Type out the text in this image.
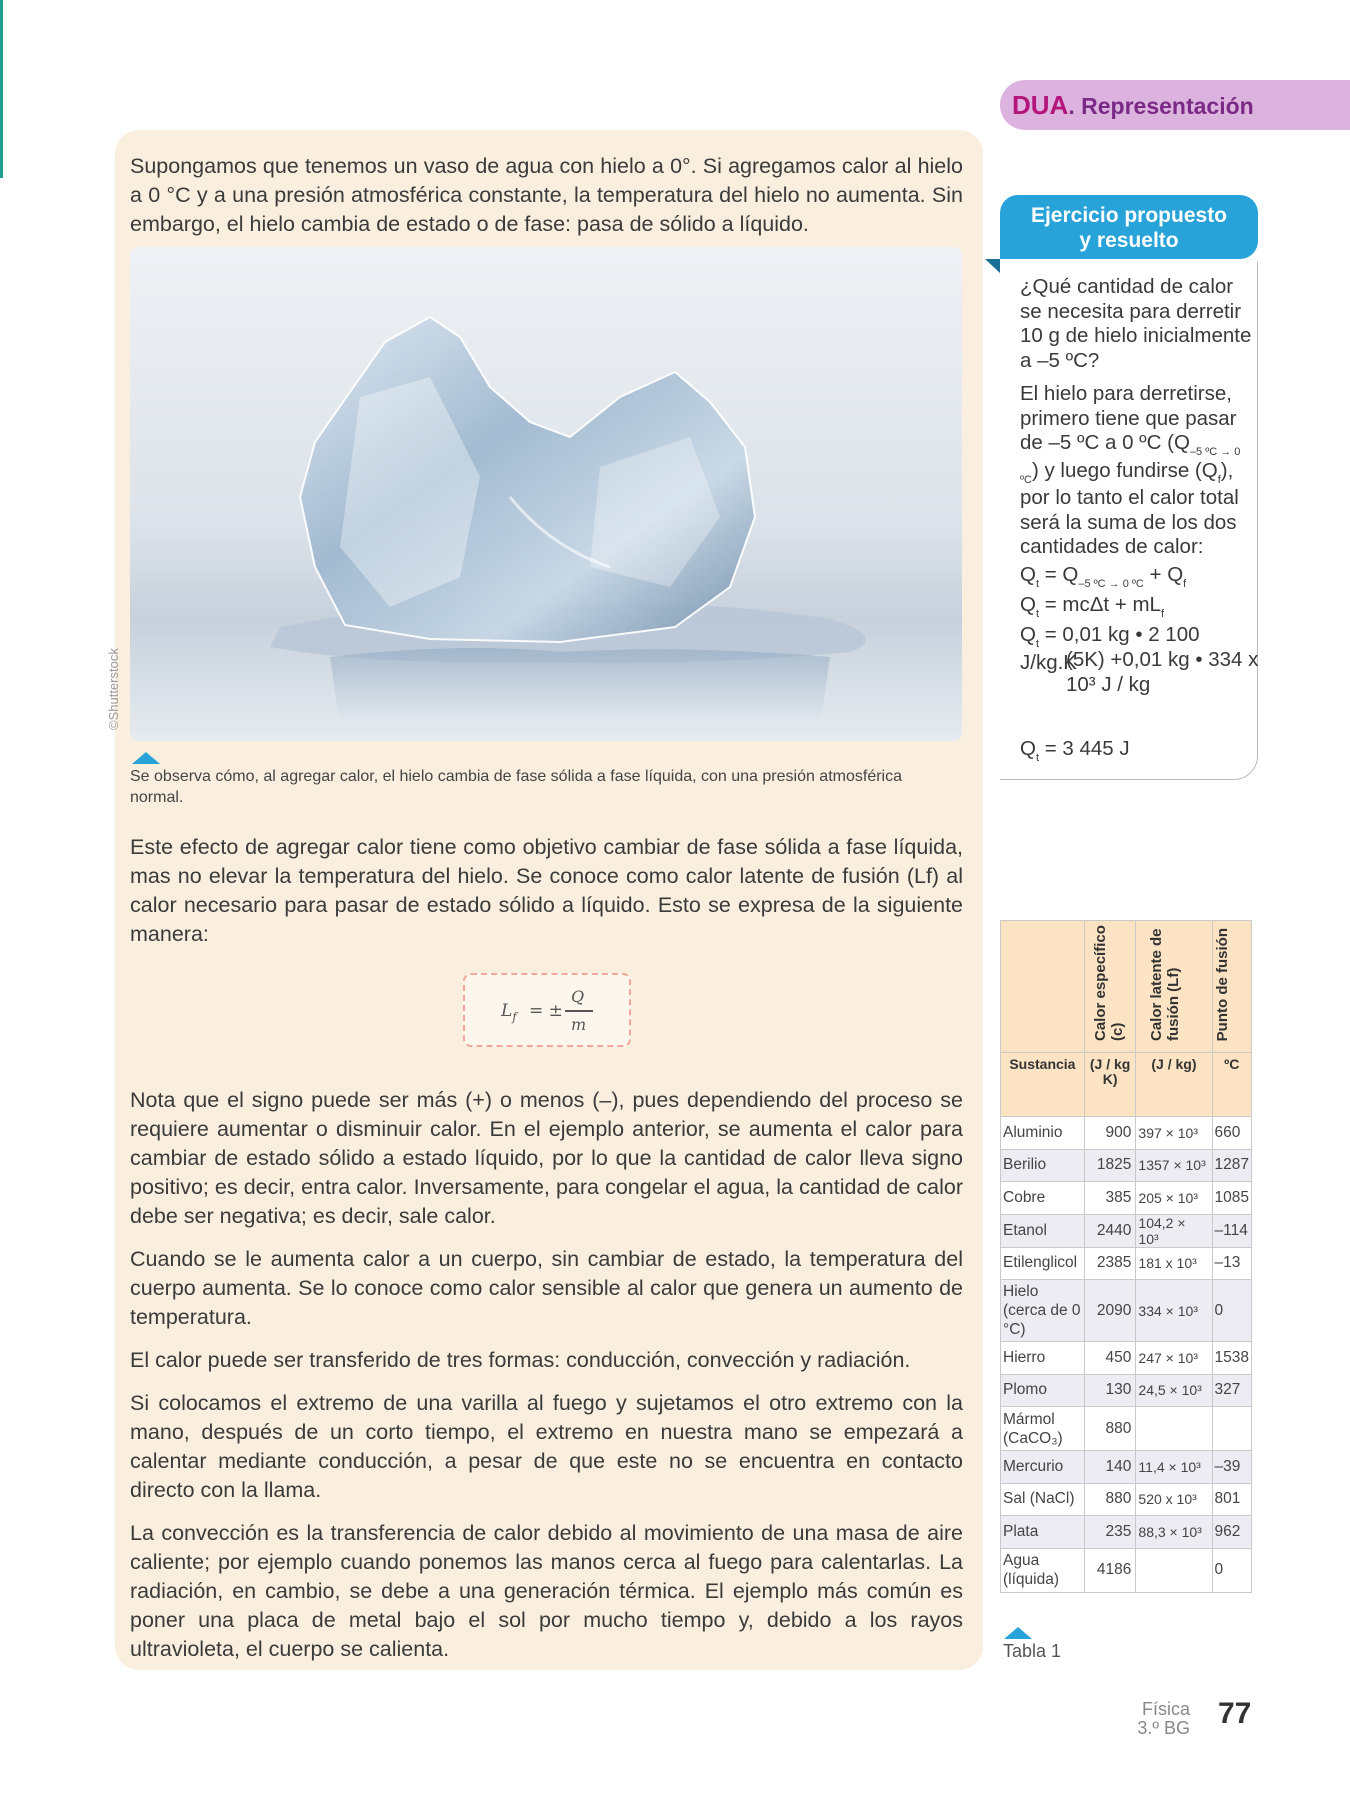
DUA. Representación

Supongamos que tenemos un vaso de agua con hielo a 0°. Si agregamos calor al hielo a 0 °C y a una presión atmosférica constante, la temperatura del hielo no aumenta. Sin embargo, el hielo cambia de estado o de fase: pasa de sólido a líquido.

©Shutterstock

Se observa cómo, al agregar calor, el hielo cambia de fase sólida a fase líquida, con una presión atmosférica normal.

Este efecto de agregar calor tiene como objetivo cambiar de fase sólida a fase líquida, mas no elevar la temperatura del hielo. Se conoce como calor latente de fusión (Lf) al calor necesario para pasar de estado sólido a líquido. Esto se expresa de la siguiente manera:

$L_f$ = ±
Q
m

Nota que el signo puede ser más (+) o menos (–), pues dependiendo del proceso se requiere aumentar o disminuir calor. En el ejemplo anterior, se aumenta el calor para cambiar de estado sólido a estado líquido, por lo que la cantidad de calor lleva signo positivo; es decir, entra calor. Inversamente, para congelar el agua, la cantidad de calor debe ser negativa; es decir, sale calor.

Cuando se le aumenta calor a un cuerpo, sin cambiar de estado, la temperatura del cuerpo aumenta. Se lo conoce como calor sensible al calor que genera un aumento de temperatura.

El calor puede ser transferido de tres formas: conducción, convección y radiación.

Si colocamos el extremo de una varilla al fuego y sujetamos el otro extremo con la mano, después de un corto tiempo, el extremo en nuestra mano se empezará a calentar mediante conducción, a pesar de que este no se encuentra en contacto directo con la llama.

La convección es la transferencia de calor debido al movimiento de una masa de aire caliente; por ejemplo cuando ponemos las manos cerca al fuego para calentarlas. La radiación, en cambio, se debe a una generación térmica. El ejemplo más común es poner una placa de metal bajo el sol por mucho tiempo y, debido a los rayos ultravioleta, el cuerpo se calienta.

Ejercicio propuesto
y resuelto

¿Qué cantidad de calor se necesita para derretir 10 g de hielo inicialmente a –5 ºC?

El hielo para derretirse, primero tiene que pasar de –5 ºC a 0 ºC $(Q_{-5 ºC \to 0 ºC})$ y luego fundirse $(Q_f)$, por lo tanto el calor total será la suma de los dos cantidades de calor:

$Q_t = Q_{-5 ºC \to 0 ºC} + Q_f$

$Q_t = mc\Delta t + mL_f$

$Q_t = 0,01$ kg • 2 100 J/kg.K

(5K) +0,01 kg • 334 x

10³ J / kg

$Q_t = 3$ 445 J

	Calor específico (c)	Calor latente de fusión (Lf)	Punto de fusión
Sustancia	(J / kg K)	(J / kg)	ºC
Aluminio	900	397 × 10³	660
Berilio	1825	1357 × 10³	1287
Cobre	385	205 × 10³	1085
Etanol	2440	104,2 × 10³	–114
Etilenglicol	2385	181 x 10³	–13
Hielo (cerca de 0 °C)	2090	334 × 10³	0
Hierro	450	247 × 10³	1538
Plomo	130	24,5 × 10³	327
Mármol (CaCO₃)	880		
Mercurio	140	11,4 × 10³	–39
Sal (NaCl)	880	520 x 10³	801
Plata	235	88,3 × 10³	962
Agua (líquida)	4186		0
Tabla 1
Física
3.º BG 77
